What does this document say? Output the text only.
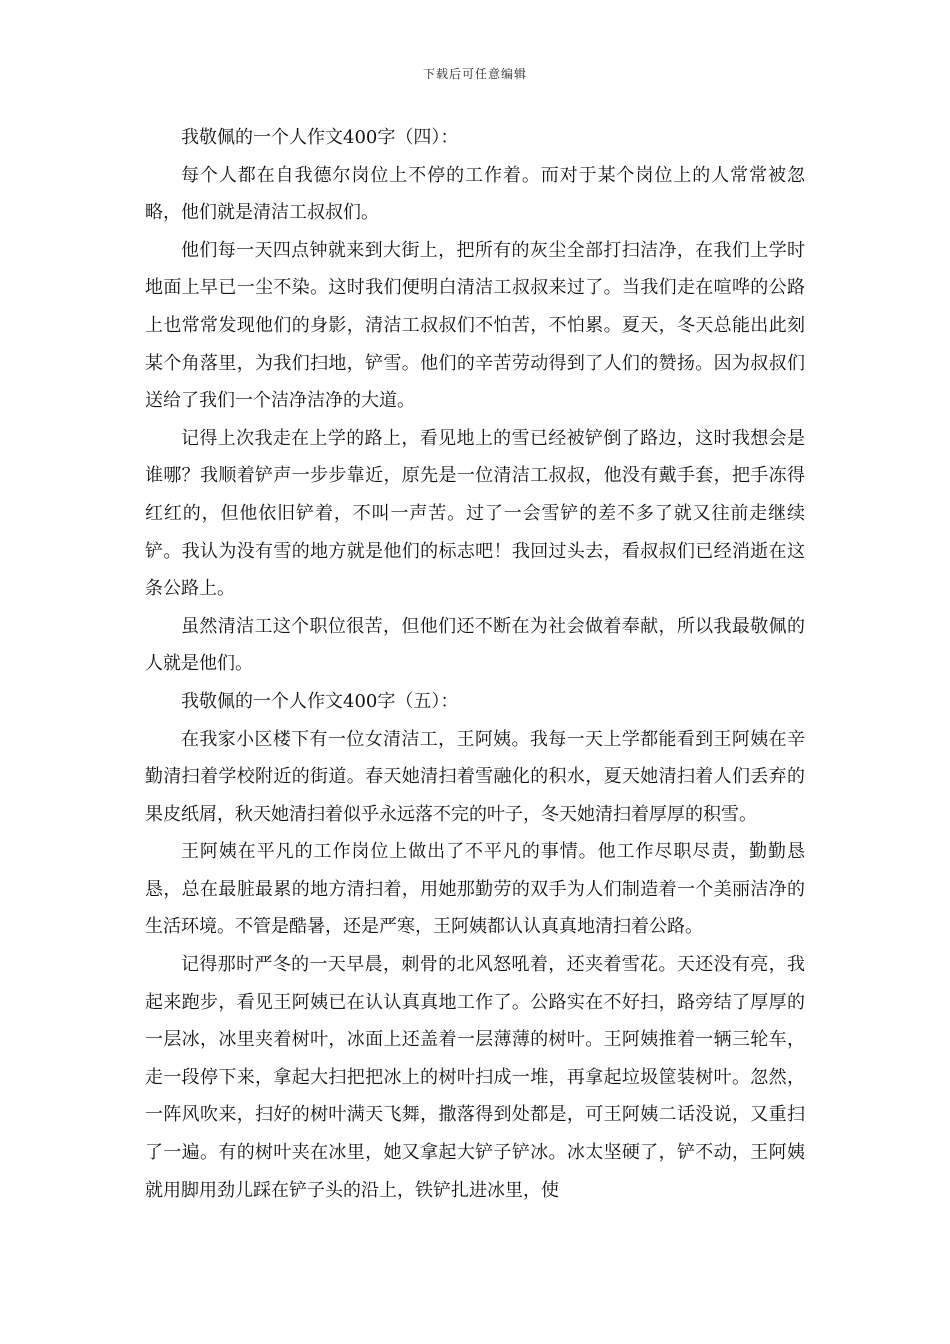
下载后可任意编辑

我敬佩的一个人作文400字（四）：

每个人都在自我德尔岗位上不停的工作着。而对于某个岗位上的人常常被忽略，他们就是清洁工叔叔们。

他们每一天四点钟就来到大街上，把所有的灰尘全部打扫洁净，在我们上学时地面上早已一尘不染。这时我们便明白清洁工叔叔来过了。当我们走在喧哗的公路上也常常发现他们的身影，清洁工叔叔们不怕苦，不怕累。夏天，冬天总能出此刻某个角落里，为我们扫地，铲雪。他们的辛苦劳动得到了人们的赞扬。因为叔叔们送给了我们一个洁净洁净的大道。

记得上次我走在上学的路上，看见地上的雪已经被铲倒了路边，这时我想会是谁哪？我顺着铲声一步步靠近，原先是一位清洁工叔叔，他没有戴手套，把手冻得红红的，但他依旧铲着，不叫一声苦。过了一会雪铲的差不多了就又往前走继续铲。我认为没有雪的地方就是他们的标志吧！我回过头去，看叔叔们已经消逝在这条公路上。

虽然清洁工这个职位很苦，但他们还不断在为社会做着奉献，所以我最敬佩的人就是他们。

我敬佩的一个人作文400字（五）：

在我家小区楼下有一位女清洁工，王阿姨。我每一天上学都能看到王阿姨在辛勤清扫着学校附近的街道。春天她清扫着雪融化的积水，夏天她清扫着人们丢弃的果皮纸屑，秋天她清扫着似乎永远落不完的叶子，冬天她清扫着厚厚的积雪。

王阿姨在平凡的工作岗位上做出了不平凡的事情。他工作尽职尽责，勤勤恳恳，总在最脏最累的地方清扫着，用她那勤劳的双手为人们制造着一个美丽洁净的生活环境。不管是酷暑，还是严寒，王阿姨都认认真真地清扫着公路。

记得那时严冬的一天早晨，刺骨的北风怒吼着，还夹着雪花。天还没有亮，我起来跑步，看见王阿姨已在认认真真地工作了。公路实在不好扫，路旁结了厚厚的一层冰，冰里夹着树叶，冰面上还盖着一层薄薄的树叶。王阿姨推着一辆三轮车，走一段停下来，拿起大扫把把冰上的树叶扫成一堆，再拿起垃圾筐装树叶。忽然，一阵风吹来，扫好的树叶满天飞舞，撒落得到处都是，可王阿姨二话没说，又重扫了一遍。有的树叶夹在冰里，她又拿起大铲子铲冰。冰太坚硬了，铲不动，王阿姨就用脚用劲儿踩在铲子头的沿上，铁铲扎进冰里，使
